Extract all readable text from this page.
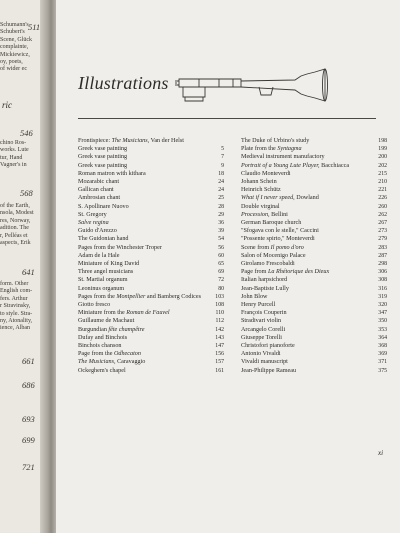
Schumann's
Schubert's
Scene, Glück
complainte,
Mickiewicz,
oy, poets,
of wider ec
511
ric
546
chino Ros-
works. Lute
tur, Hand
Vagner's in
568
of the Earth,
nsola, Modest
res, Norway,
adition. The
r, Pelléas et
aspects, Erik
641
form. Other
English com-
fers. Arthur
r Stravinsky,
to style. Stra-
ny, Atonality,
ience, Alban
661
686
693
699
721
Illustrations
Frontispiece: The Musicians, Van der Helst
Greek vase painting	5
Greek vase painting	7
Greek vase painting	9
Roman matron with kithara	18
Mozarabic chant	24
Gallican chant	24
Ambrosian chant	25
S. Apollinare Nuovo	28
St. Gregory	29
Salve regina	36
Guido d'Arezzo	39
The Guidonian hand	54
Pages from the Winchester Troper	56
Adam de la Hale	60
Miniature of King David	65
Three angel musicians	69
St. Martial organum	72
Leoninus organum	80
Pages from the Montpellier and Bamberg Codices	103
Giotto fresco	108
Miniature from the Roman de Fauvel	110
Guillaume de Machaut	112
Burgundian fête champêtre	142
Dufay and Binchois	143
Binchois chanson	147
Page from the Odhecaton	156
The Musicians, Caravaggio	157
Ockeghem's chapel	161
The Duke of Urbino's study	198
Plate from the Syntagma	199
Medieval instrument manufactory	200
Portrait of a Young Lute Player, Bacchiacca	202
Claudio Monteverdi	215
Johann Schein	210
Heinrich Schütz	221
What if I never speed, Dowland	226
Double virginal	260
Procession, Bellini	262
German Baroque church	267
"Sfogava con le stelle," Caccini	273
"Possente spirto," Monteverdi	279
Scene from Il pomo d'oro	283
Salon of Mocenigo Palace	287
Girolamo Frescobaldi	298
Page from La Rhétorique des Dieux	306
Italian harpsichord	308
Jean-Baptiste Lully	316
John Blow	319
Henry Purcell	320
François Couperin	347
Stradivari violin	350
Arcangelo Corelli	353
Giuseppe Torelli	364
Christofori pianoforte	368
Antonio Vivaldi	369
Vivaldi manuscript	371
Jean-Philippe Rameau	375
xi
